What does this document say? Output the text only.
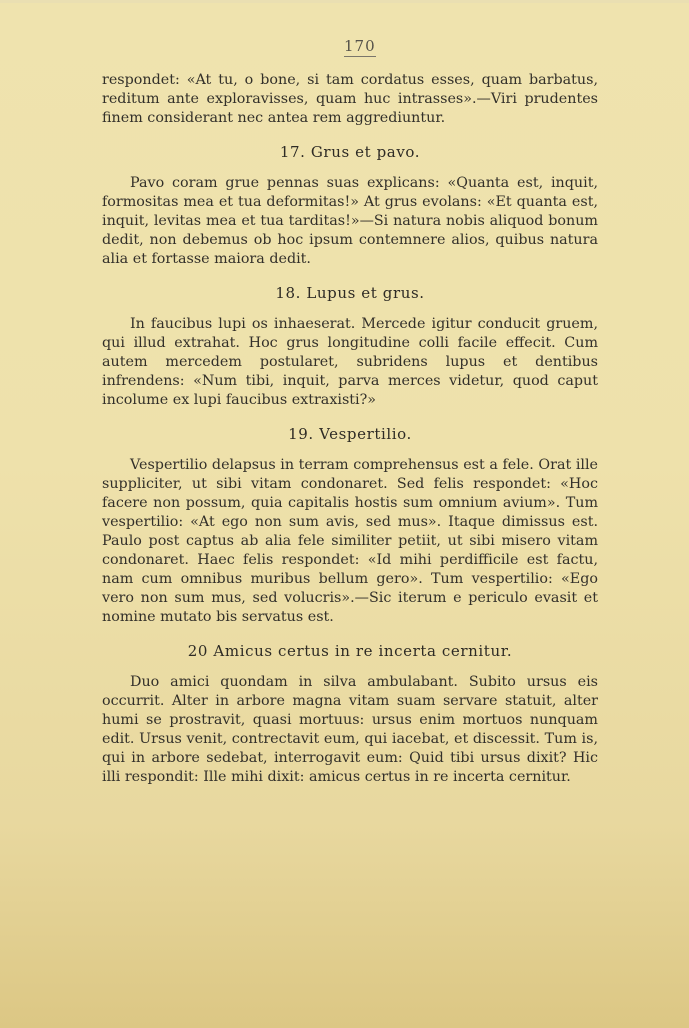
170

respondet: «At tu, o bone, si tam cordatus esses, quam barbatus, reditum ante exploravisses, quam huc intrasses».—Viri prudentes finem considerant nec antea rem aggrediuntur.

17. Grus et pavo.

Pavo coram grue pennas suas explicans: «Quanta est, inquit, formositas mea et tua deformitas!» At grus evolans: «Et quanta est, inquit, levitas mea et tua tarditas!»—Si natura nobis aliquod bonum dedit, non debemus ob hoc ipsum contemnere alios, quibus natura alia et fortasse maiora dedit.

18. Lupus et grus.

In faucibus lupi os inhaeserat. Mercede igitur conducit gruem, qui illud extrahat. Hoc grus longitudine colli facile effecit. Cum autem mercedem postularet, subridens lupus et dentibus infrendens: «Num tibi, inquit, parva merces videtur, quod caput incolume ex lupi faucibus extraxisti?»

19. Vespertilio.

Vespertilio delapsus in terram comprehensus est a fele. Orat ille suppliciter, ut sibi vitam condonaret. Sed felis respondet: «Hoc facere non possum, quia capitalis hostis sum omnium avium». Tum vespertilio: «At ego non sum avis, sed mus». Itaque dimissus est. Paulo post captus ab alia fele similiter petiit, ut sibi misero vitam condonaret. Haec felis respondet: «Id mihi perdifficile est factu, nam cum omnibus muribus bellum gero». Tum vespertilio: «Ego vero non sum mus, sed volucris».—Sic iterum e periculo evasit et nomine mutato bis servatus est.

20 Amicus certus in re incerta cernitur.

Duo amici quondam in silva ambulabant. Subito ursus eis occurrit. Alter in arbore magna vitam suam servare statuit, alter humi se prostravit, quasi mortuus: ursus enim mortuos nunquam edit. Ursus venit, contrectavit eum, qui iacebat, et discessit. Tum is, qui in arbore sedebat, interrogavit eum: Quid tibi ursus dixit? Hic illi respondit: Ille mihi dixit: amicus certus in re incerta cernitur.
